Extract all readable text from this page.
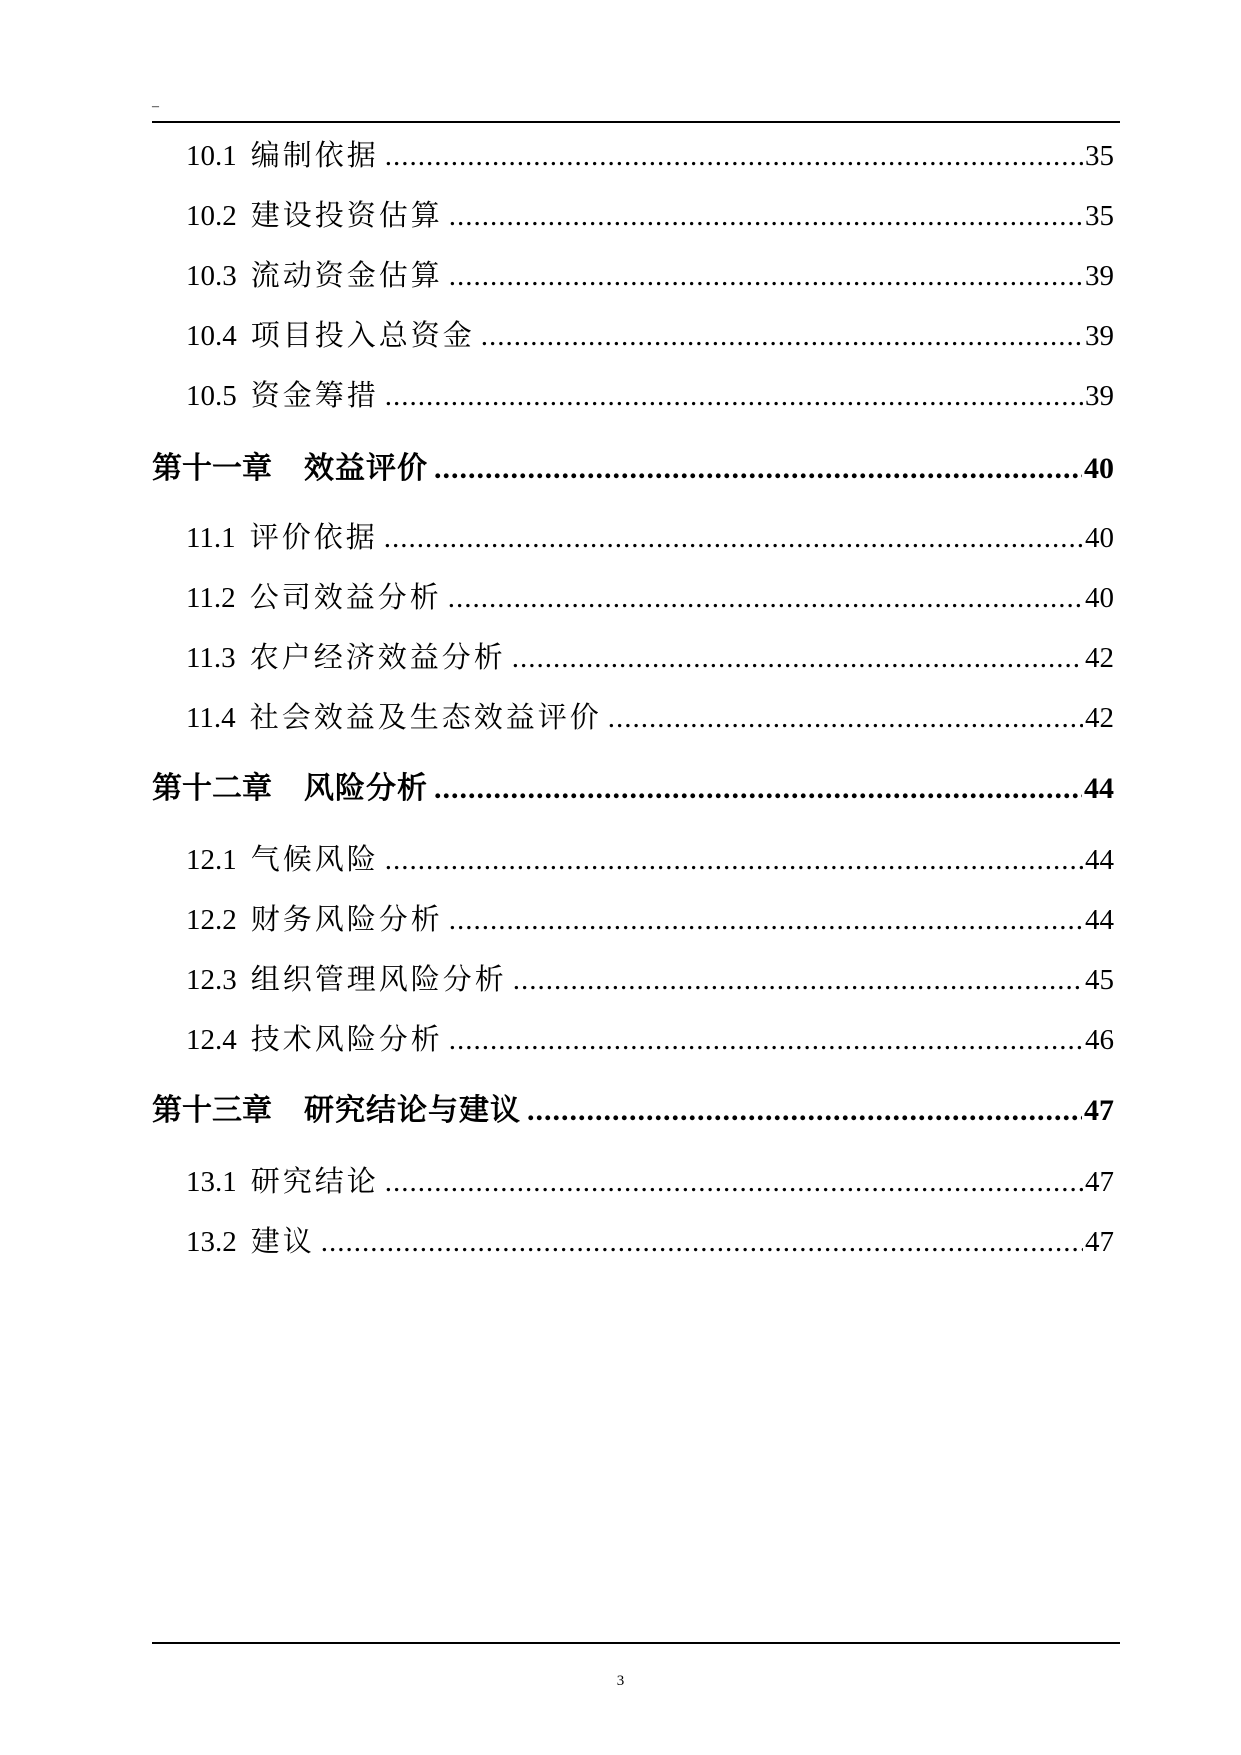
–
10.1 编制依据 .....	35
10.2 建设投资估算 .....	35
10.3 流动资金估算 .....	39
10.4 项目投入总资金 .....	39
10.5 资金筹措 .....	39
第十一章 效益评价 .....	40
11.1 评价依据 .....	40
11.2 公司效益分析 .....	40
11.3 农户经济效益分析 .....	42
11.4 社会效益及生态效益评价 .....	42
第十二章 风险分析 .....	44
12.1 气候风险 .....	44
12.2 财务风险分析 .....	44
12.3 组织管理风险分析 .....	45
12.4 技术风险分析 .....	46
第十三章 研究结论与建议 .....	47
13.1 研究结论 .....	47
13.2 建议 .....	47
3
